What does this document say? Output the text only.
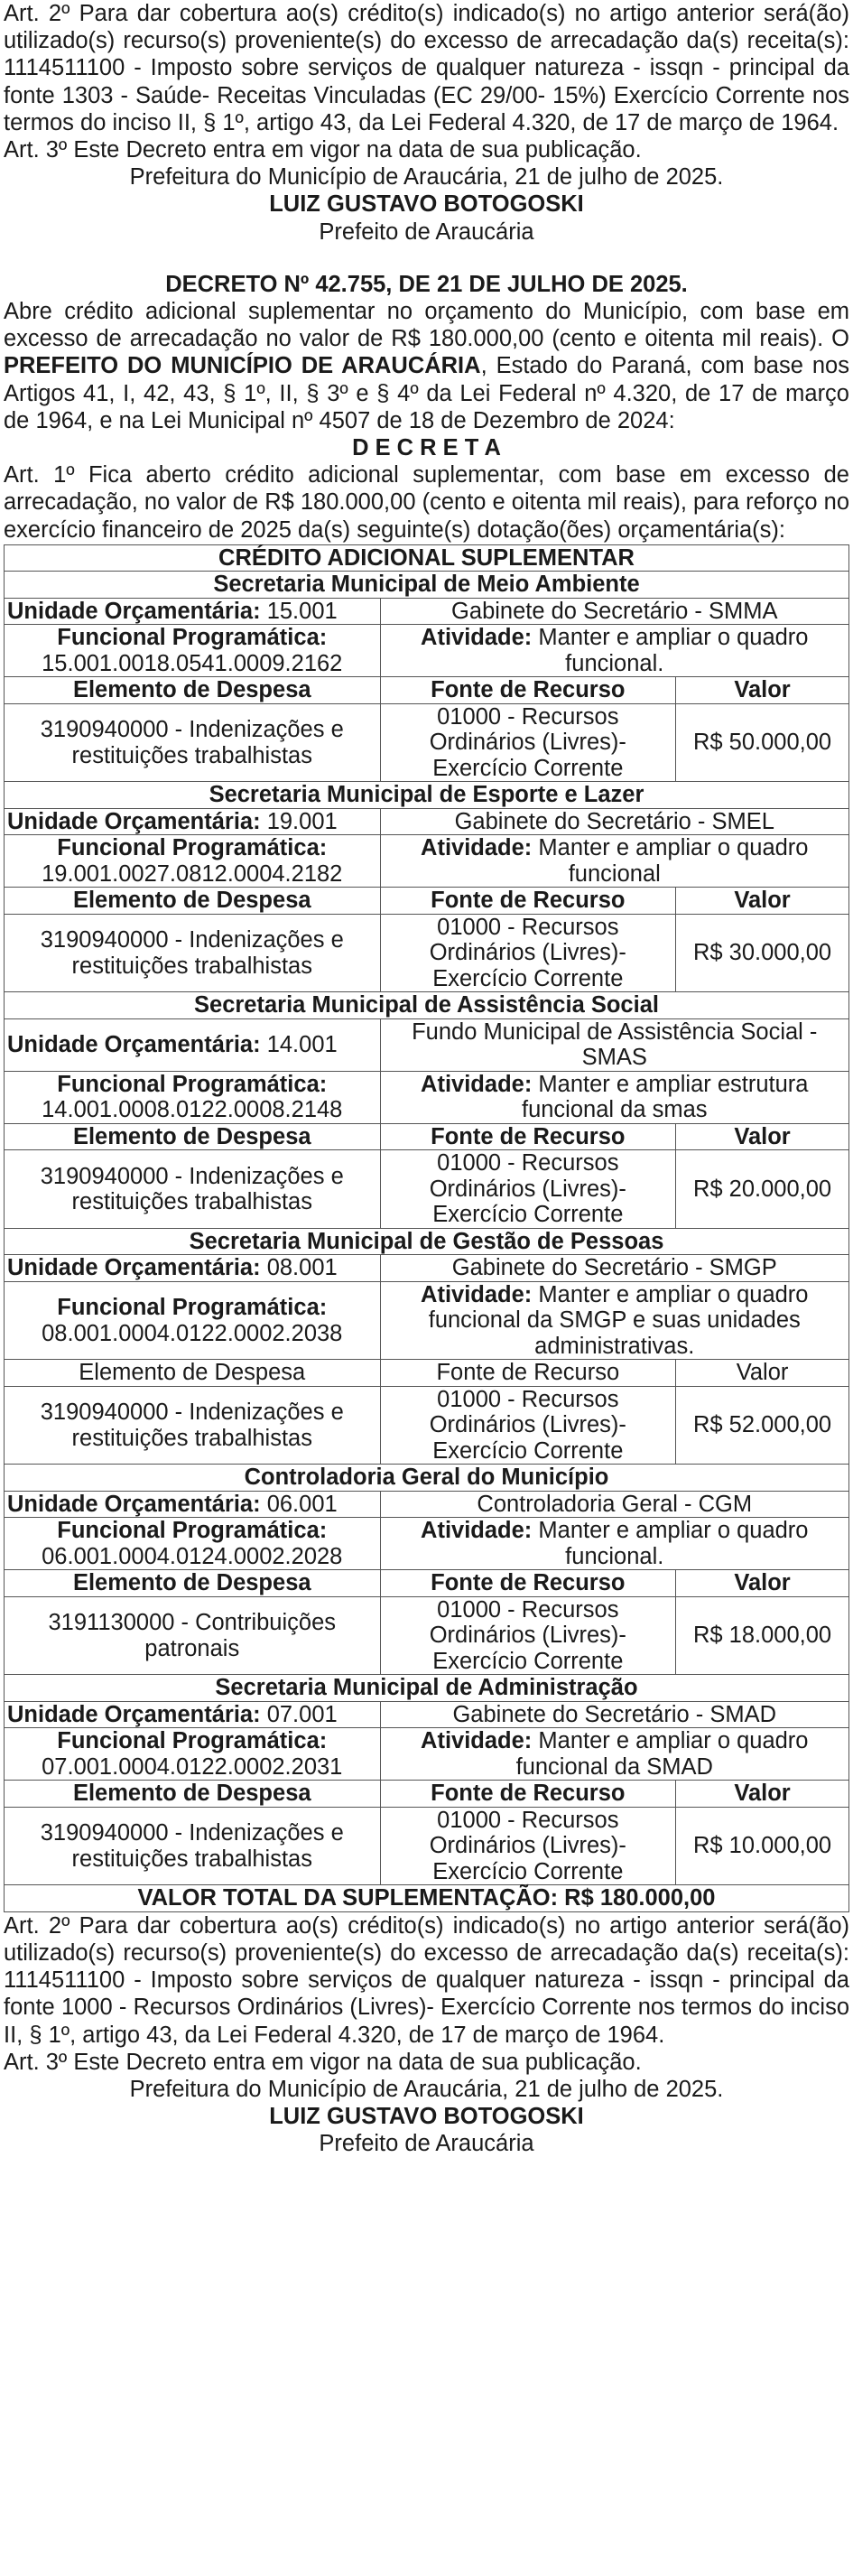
Art. 2º Para dar cobertura ao(s) crédito(s) indicado(s) no artigo anterior será(ão) utilizado(s) recurso(s) proveniente(s) do excesso de arrecadação da(s) receita(s): 1114511100 - Imposto sobre serviços de qualquer natureza - issqn - principal da fonte 1303 - Saúde- Receitas Vinculadas (EC 29/00- 15%) Exercício Corrente nos termos do inciso II, § 1º, artigo 43, da Lei Federal 4.320, de 17 de março de 1964.

Art. 3º Este Decreto entra em vigor na data de sua publicação.

Prefeitura do Município de Araucária, 21 de julho de 2025.

LUIZ GUSTAVO BOTOGOSKI

Prefeito de Araucária

DECRETO Nº 42.755, DE 21 DE JULHO DE 2025.

Abre crédito adicional suplementar no orçamento do Município, com base em excesso de arrecadação no valor de R$ 180.000,00 (cento e oitenta mil reais). O PREFEITO DO MUNICÍPIO DE ARAUCÁRIA, Estado do Paraná, com base nos Artigos 41, I, 42, 43, § 1º, II, § 3º e § 4º da Lei Federal nº 4.320, de 17 de março de 1964, e na Lei Municipal nº 4507 de 18 de Dezembro de 2024:

D E C R E T A

Art. 1º Fica aberto crédito adicional suplementar, com base em excesso de arrecadação, no valor de R$ 180.000,00 (cento e oitenta mil reais), para reforço no exercício financeiro de 2025 da(s) seguinte(s) dotação(ões) orçamentária(s):

CRÉDITO ADICIONAL SUPLEMENTAR		
Secretaria Municipal de Meio Ambiente		
Unidade Orçamentária: 15.001	Gabinete do Secretário - SMMA	
Funcional Programática:
15.001.0018.0541.0009.2162	Atividade: Manter e ampliar o quadro funcional.	
Elemento de Despesa	Fonte de Recurso	Valor
3190940000 - Indenizações e restituições trabalhistas	01000 - Recursos Ordinários (Livres)- Exercício Corrente	R$ 50.000,00
Secretaria Municipal de Esporte e Lazer		
Unidade Orçamentária: 19.001	Gabinete do Secretário - SMEL	
Funcional Programática:
19.001.0027.0812.0004.2182	Atividade: Manter e ampliar o quadro funcional	
Elemento de Despesa	Fonte de Recurso	Valor
3190940000 - Indenizações e restituições trabalhistas	01000 - Recursos Ordinários (Livres)- Exercício Corrente	R$ 30.000,00
Secretaria Municipal de Assistência Social		
Unidade Orçamentária: 14.001	Fundo Municipal de Assistência Social - SMAS	
Funcional Programática:
14.001.0008.0122.0008.2148	Atividade: Manter e ampliar estrutura funcional da smas	
Elemento de Despesa	Fonte de Recurso	Valor
3190940000 - Indenizações e restituições trabalhistas	01000 - Recursos Ordinários (Livres)- Exercício Corrente	R$ 20.000,00
Secretaria Municipal de Gestão de Pessoas		
Unidade Orçamentária: 08.001	Gabinete do Secretário - SMGP	
Funcional Programática:
08.001.0004.0122.0002.2038	Atividade: Manter e ampliar o quadro funcional da SMGP e suas unidades administrativas.	
Elemento de Despesa	Fonte de Recurso	Valor
3190940000 - Indenizações e restituições trabalhistas	01000 - Recursos Ordinários (Livres)- Exercício Corrente	R$ 52.000,00
Controladoria Geral do Município		
Unidade Orçamentária: 06.001	Controladoria Geral - CGM	
Funcional Programática:
06.001.0004.0124.0002.2028	Atividade: Manter e ampliar o quadro funcional.	
Elemento de Despesa	Fonte de Recurso	Valor
3191130000 - Contribuições patronais	01000 - Recursos Ordinários (Livres)- Exercício Corrente	R$ 18.000,00
Secretaria Municipal de Administração		
Unidade Orçamentária: 07.001	Gabinete do Secretário - SMAD	
Funcional Programática:
07.001.0004.0122.0002.2031	Atividade: Manter e ampliar o quadro funcional da SMAD	
Elemento de Despesa	Fonte de Recurso	Valor
3190940000 - Indenizações e restituições trabalhistas	01000 - Recursos Ordinários (Livres)- Exercício Corrente	R$ 10.000,00
VALOR TOTAL DA SUPLEMENTAÇÃO: R$ 180.000,00		

Art. 2º Para dar cobertura ao(s) crédito(s) indicado(s) no artigo anterior será(ão) utilizado(s) recurso(s) proveniente(s) do excesso de arrecadação da(s) receita(s): 1114511100 - Imposto sobre serviços de qualquer natureza - issqn - principal da fonte 1000 - Recursos Ordinários (Livres)- Exercício Corrente nos termos do inciso II, § 1º, artigo 43, da Lei Federal 4.320, de 17 de março de 1964.

Art. 3º Este Decreto entra em vigor na data de sua publicação.

Prefeitura do Município de Araucária, 21 de julho de 2025.

LUIZ GUSTAVO BOTOGOSKI

Prefeito de Araucária
